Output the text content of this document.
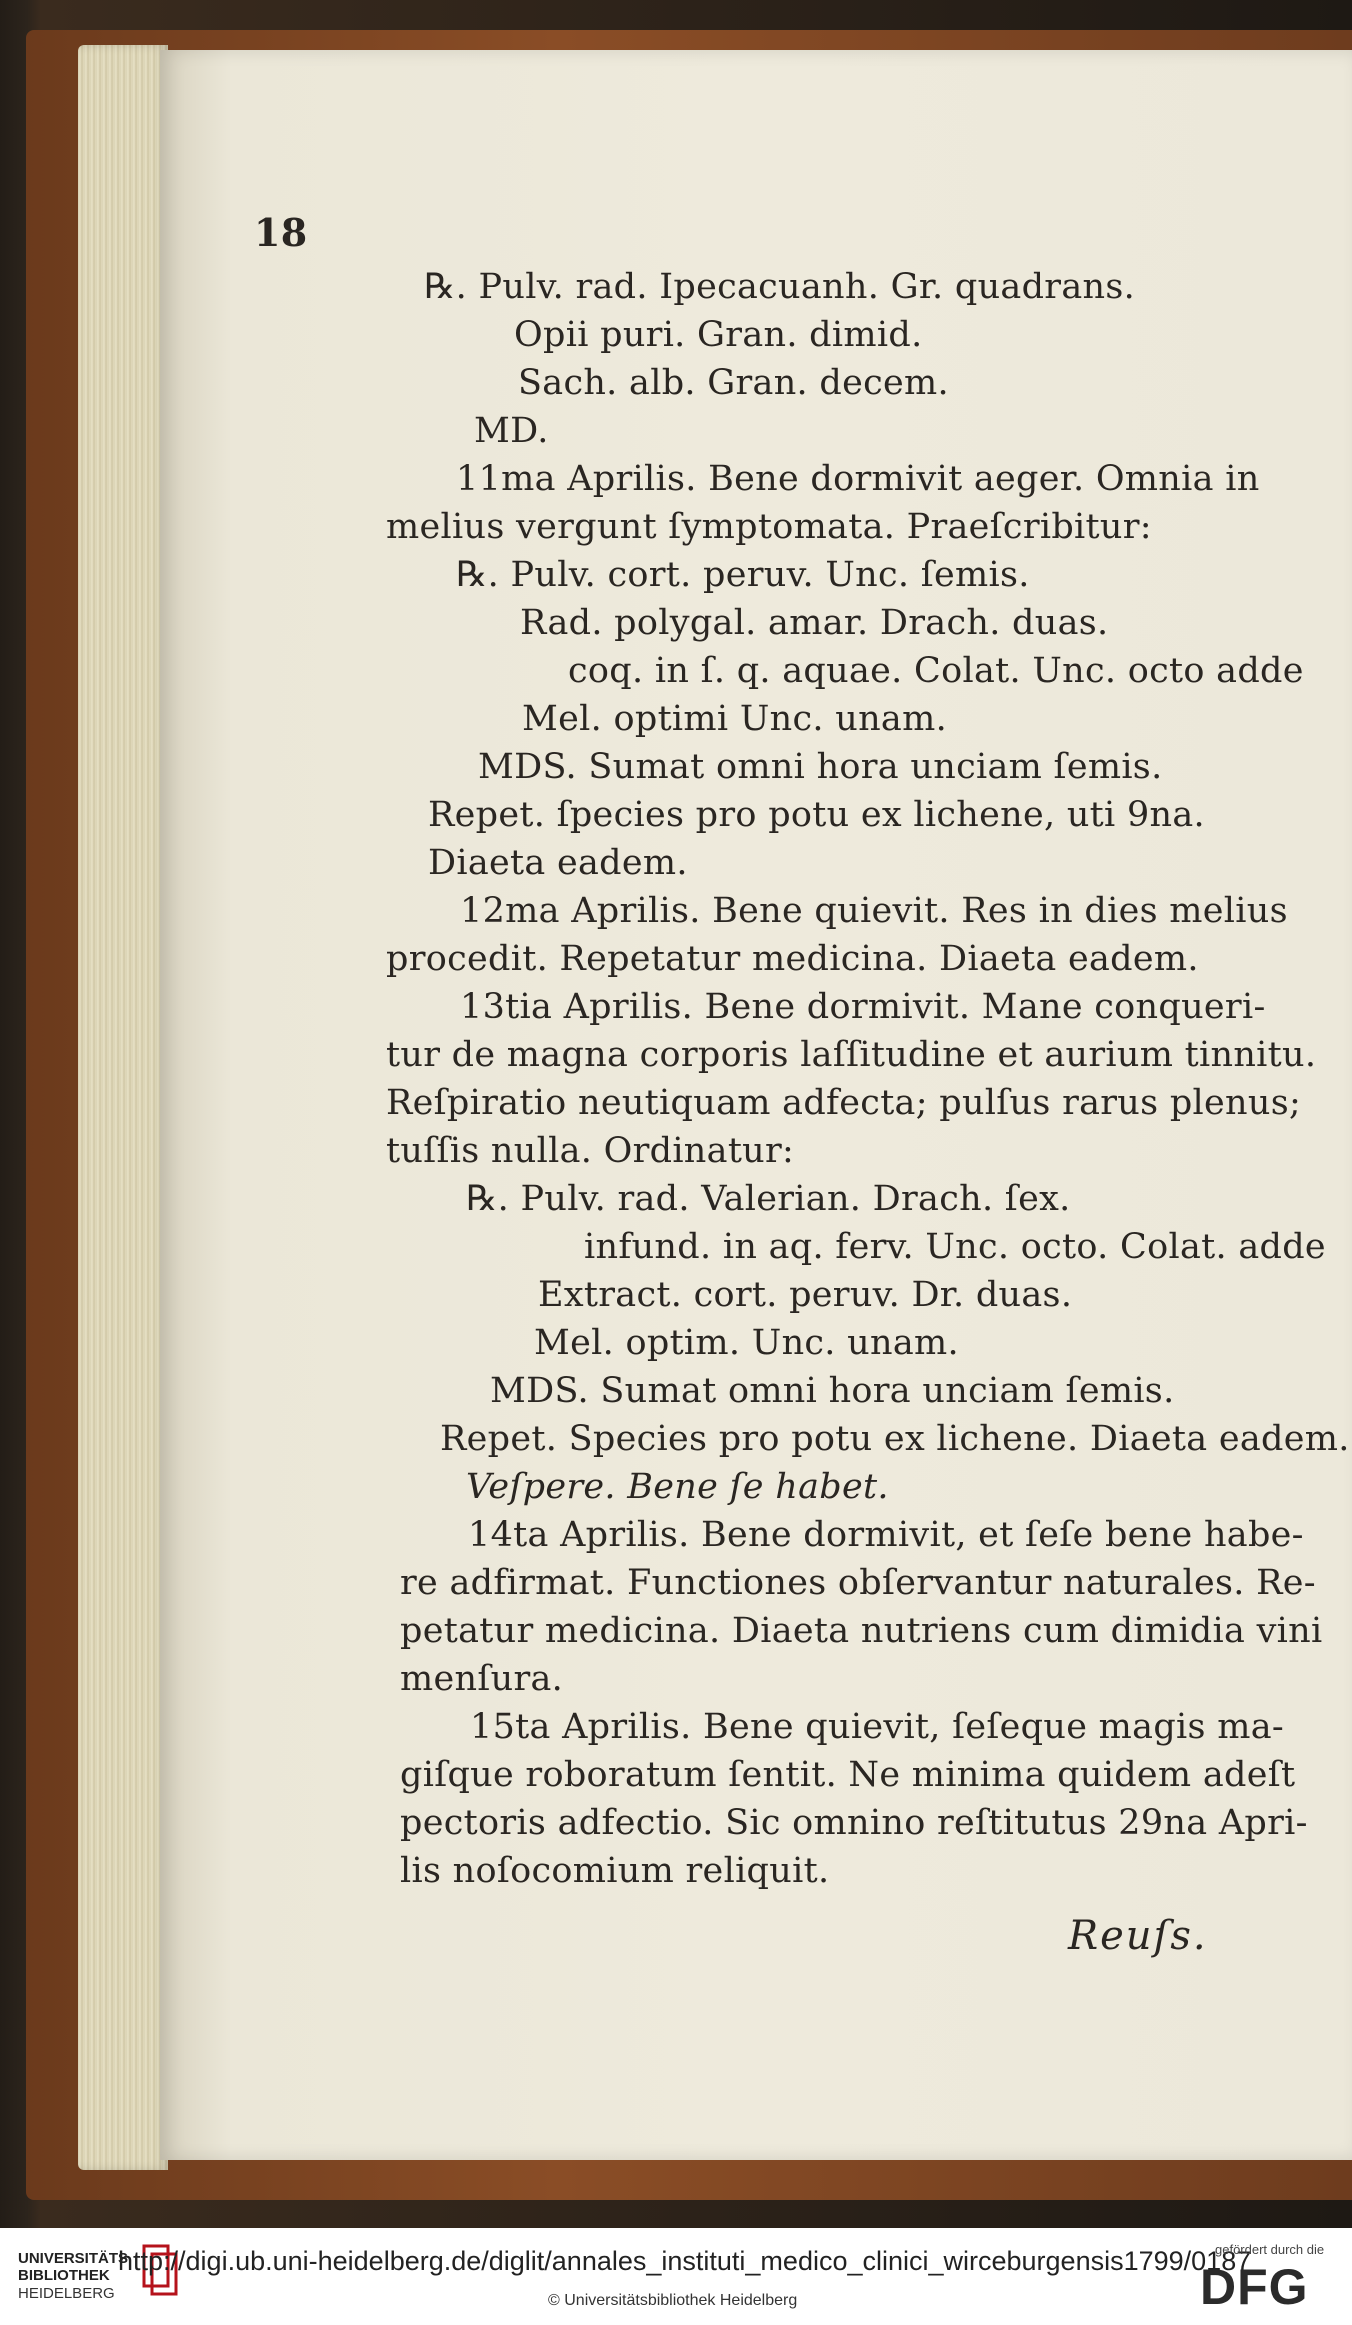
18
℞. Pulv. rad. Ipecacuanh. Gr. quadrans.
Opii puri. Gran. dimid.
Sach. alb. Gran. decem.
MD.
11ma Aprilis. Bene dormivit aeger. Omnia in
melius vergunt ſymptomata. Praeſcribitur:
℞. Pulv. cort. peruv. Unc. ſemis.
Rad. polygal. amar. Drach. duas.
coq. in ſ. q. aquae. Colat. Unc. octo adde
Mel. optimi Unc. unam.
MDS. Sumat omni hora unciam ſemis.
Repet. ſpecies pro potu ex lichene, uti 9na.
Diaeta eadem.
12ma Aprilis. Bene quievit. Res in dies melius
procedit. Repetatur medicina. Diaeta eadem.
13tia Aprilis. Bene dormivit. Mane conqueri-
tur de magna corporis laſſitudine et aurium tinnitu.
Reſpiratio neutiquam adfecta; pulſus rarus plenus;
tuſſis nulla. Ordinatur:
℞. Pulv. rad. Valerian. Drach. ſex.
infund. in aq. ferv. Unc. octo. Colat. adde
Extract. cort. peruv. Dr. duas.
Mel. optim. Unc. unam.
MDS. Sumat omni hora unciam ſemis.
Repet. Species pro potu ex lichene. Diaeta eadem.
Veſpere. Bene ſe habet.
14ta Aprilis. Bene dormivit, et ſeſe bene habe-
re adfirmat. Functiones obſervantur naturales. Re-
petatur medicina. Diaeta nutriens cum dimidia vini
menſura.
15ta Aprilis. Bene quievit, ſeſeque magis ma-
giſque roboratum ſentit. Ne minima quidem adeſt
pectoris adfectio. Sic omnino reſtitutus 29na Apri-
lis noſocomium reliquit.
Reuſs.
UNIVERSITÄTS
BIBLIOTHEK
HEIDELBERG
http://digi.ub.uni-heidelberg.de/diglit/annales_instituti_medico_clinici_wirceburgensis1799/0187
© Universitätsbibliothek Heidelberg
gefördert durch die
DFG
